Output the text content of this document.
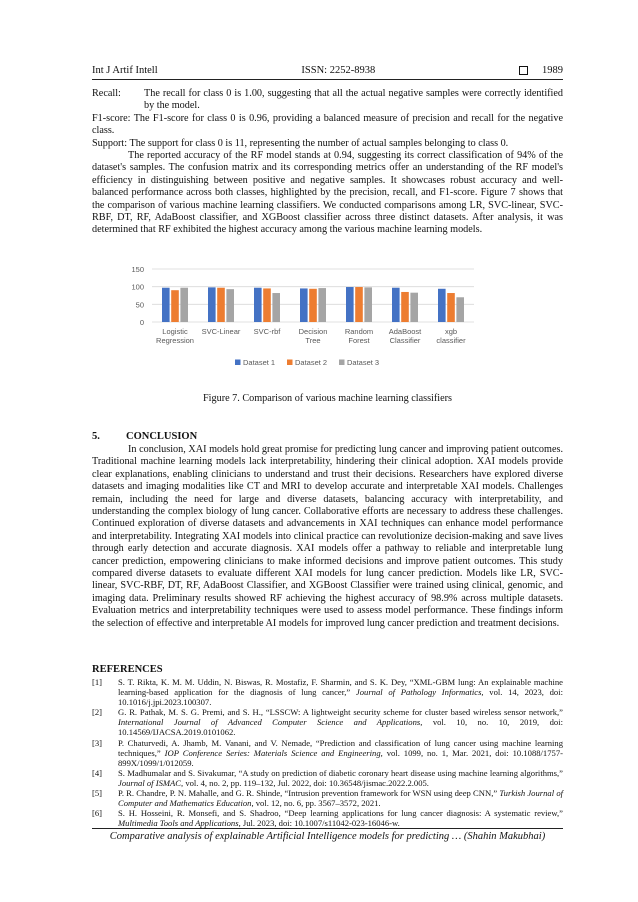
Int J Artif Intell	ISSN: 2252-8938	1989
Recall:	The recall for class 0 is 1.00, suggesting that all the actual negative samples were correctly identified by the model.

F1-score: The F1-score for class 0 is 0.96, providing a balanced measure of precision and recall for the negative class.

Support: The support for class 0 is 11, representing the number of actual samples belonging to class 0.

The reported accuracy of the RF model stands at 0.94, suggesting its correct classification of 94% of the dataset's samples. The confusion matrix and its corresponding metrics offer an understanding of the RF model's efficiency in distinguishing between positive and negative samples. It showcases robust accuracy and well-balanced performance across both classes, highlighted by the precision, recall, and F1-score. Figure 7 shows that the comparison of various machine learning classifiers. We conducted comparisons among LR, SVC-linear, SVC-RBF, DT, RF, AdaBoost classifier, and XGBoost classifier across three distinct datasets. After analysis, it was determined that RF exhibited the highest accuracy among the various machine learning models.

0
50
100
150
Logistic
Regression
SVC-Linear SVC-rbf Decision
Tree
Random
Forest
AdaBoost
Classifier
xgb
classifier
Dataset 1	Dataset 2	Dataset 3
Figure 7. Comparison of various machine learning classifiers
5. CONCLUSION

In conclusion, XAI models hold great promise for predicting lung cancer and improving patient outcomes. Traditional machine learning models lack interpretability, hindering their clinical adoption. XAI models provide clear explanations, enabling clinicians to understand and trust their decisions. Researchers have explored diverse datasets and imaging modalities like CT and MRI to develop accurate and interpretable XAI models. Challenges remain, including the need for large and diverse datasets, balancing accuracy with interpretability, and understanding the complex biology of lung cancer. Collaborative efforts are necessary to address these challenges. Continued exploration of diverse datasets and advancements in XAI techniques can enhance model performance and interpretability. Integrating XAI models into clinical practice can revolutionize decision-making and save lives through early detection and accurate diagnosis. XAI models offer a pathway to reliable and interpretable lung cancer prediction, empowering clinicians to make informed decisions and improve patient outcomes. This study compared diverse datasets to evaluate different XAI models for lung cancer prediction. Models like LR, SVC-linear, SVC-RBF, DT, RF, AdaBoost Classifier, and XGBoost Classifier were trained using clinical, genomic, and imaging data. Preliminary results showed RF achieving the highest accuracy of 98.9% across multiple datasets. Evaluation metrics and interpretability techniques were used to assess model performance. These findings inform the selection of effective and interpretable AI models for improved lung cancer prediction and treatment decisions.

REFERENCES
[1]	S. T. Rikta, K. M. M. Uddin, N. Biswas, R. Mostafiz, F. Sharmin, and S. K. Dey, “XML-GBM lung: An explainable machine learning-based application for the diagnosis of lung cancer,” Journal of Pathology Informatics, vol. 14, 2023, doi: 10.1016/j.jpi.2023.100307.
[2]	G. R. Pathak, M. S. G. Premi, and S. H., “LSSCW: A lightweight security scheme for cluster based wireless sensor network,” International Journal of Advanced Computer Science and Applications, vol. 10, no. 10, 2019, doi: 10.14569/IJACSA.2019.0101062.
[3]	P. Chaturvedi, A. Jhamb, M. Vanani, and V. Nemade, “Prediction and classification of lung cancer using machine learning techniques,” IOP Conference Series: Materials Science and Engineering, vol. 1099, no. 1, Mar. 2021, doi: 10.1088/1757-899X/1099/1/012059.
[4]	S. Madhumalar and S. Sivakumar, “A study on prediction of diabetic coronary heart disease using machine learning algorithms,” Journal of ISMAC, vol. 4, no. 2, pp. 119–132, Jul. 2022, doi: 10.36548/jismac.2022.2.005.
[5]	P. R. Chandre, P. N. Mahalle, and G. R. Shinde, “Intrusion prevention framework for WSN using deep CNN,” Turkish Journal of Computer and Mathematics Education, vol. 12, no. 6, pp. 3567–3572, 2021.
[6]	S. H. Hosseini, R. Monsefi, and S. Shadroo, “Deep learning applications for lung cancer diagnosis: A systematic review,” Multimedia Tools and Applications, Jul. 2023, doi: 10.1007/s11042-023-16046-w.
Comparative analysis of explainable Artificial Intelligence models for predicting … (Shahin Makubhai)
